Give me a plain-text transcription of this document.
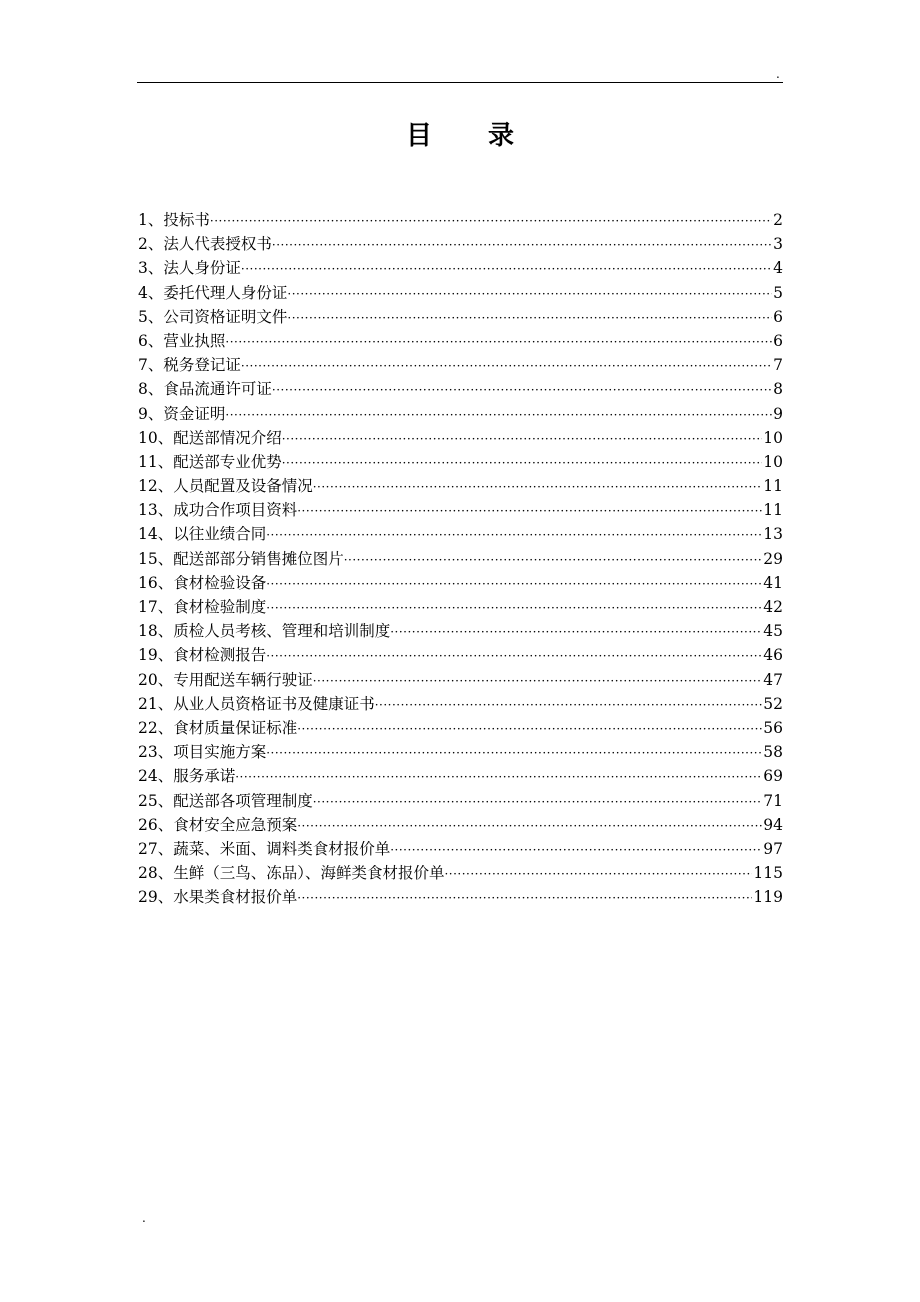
.
目录
1、投标书 ·····	2
2、法人代表授权书 ·····	3
3、法人身份证 ·····	4
4、委托代理人身份证 ·····	5
5、公司资格证明文件 ·····	6
6、营业执照 ·····	6
7、税务登记证 ·····	7
8、食品流通许可证 ·····	8
9、资金证明 ·····	9
10、配送部情况介绍 ·····	10
11、配送部专业优势 ·····	10
12、人员配置及设备情况 ·····	11
13、成功合作项目资料 ·····	11
14、以往业绩合同 ·····	13
15、配送部部分销售摊位图片 ·····	29
16、食材检验设备 ·····	41
17、食材检验制度 ·····	42
18、质检人员考核、管理和培训制度 ·····	45
19、食材检测报告 ·····	46
20、专用配送车辆行驶证 ·····	47
21、从业人员资格证书及健康证书 ·····	52
22、食材质量保证标准 ·····	56
23、项目实施方案 ·····	58
24、服务承诺 ·····	69
25、配送部各项管理制度 ·····	71
26、食材安全应急预案 ·····	94
27、蔬菜、米面、调料类食材报价单 ·····	97
28、生鲜（三鸟、冻品）、海鲜类食材报价单 ·····	115
29、水果类食材报价单 ·····	119
.
